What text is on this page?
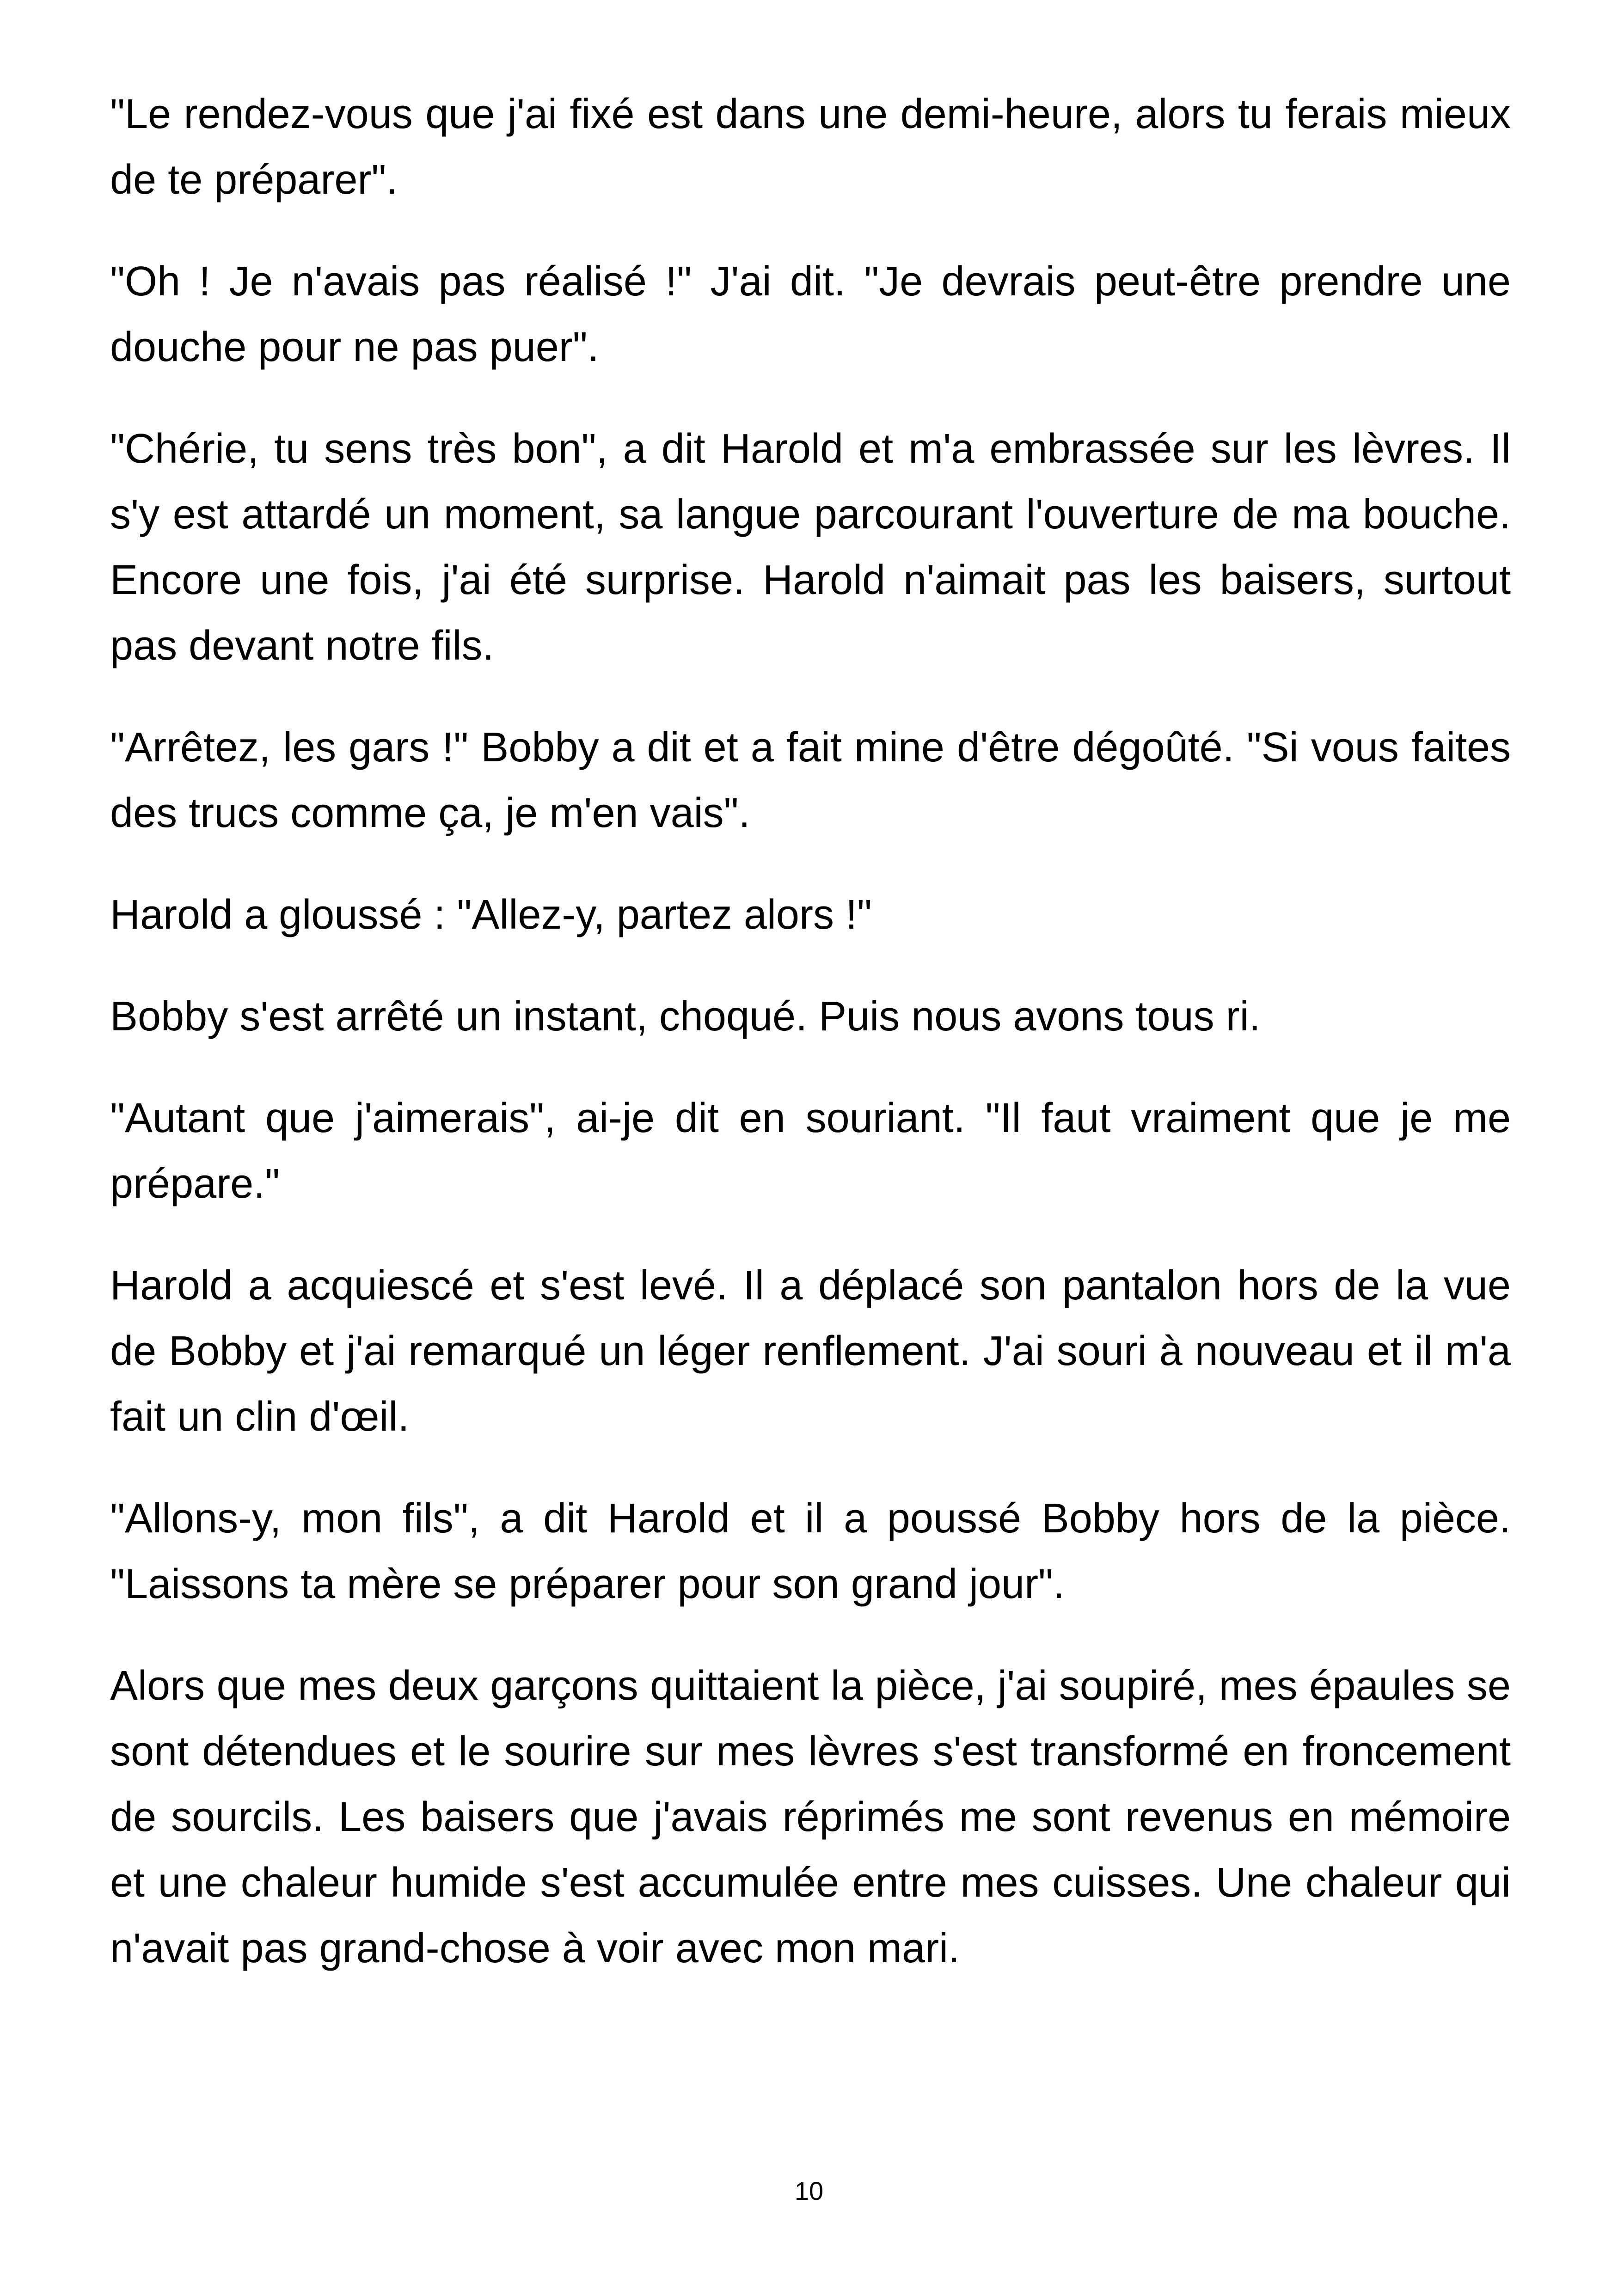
"Le rendez-vous que j'ai fixé est dans une demi-heure, alors tu ferais mieux de te préparer".

"Oh ! Je n'avais pas réalisé !" J'ai dit. "Je devrais peut-être prendre une douche pour ne pas puer".

"Chérie, tu sens très bon", a dit Harold et m'a embrassée sur les lèvres. Il s'y est attardé un moment, sa langue parcourant l'ouverture de ma bouche. Encore une fois, j'ai été surprise. Harold n'aimait pas les baisers, surtout pas devant notre fils.

"Arrêtez, les gars !" Bobby a dit et a fait mine d'être dégoûté. "Si vous faites des trucs comme ça, je m'en vais".

Harold a gloussé : "Allez-y, partez alors !"

Bobby s'est arrêté un instant, choqué. Puis nous avons tous ri.

"Autant que j'aimerais", ai-je dit en souriant. "Il faut vraiment que je me prépare."

Harold a acquiescé et s'est levé. Il a déplacé son pantalon hors de la vue de Bobby et j'ai remarqué un léger renflement. J'ai souri à nouveau et il m'a fait un clin d'œil.

"Allons-y, mon fils", a dit Harold et il a poussé Bobby hors de la pièce. "Laissons ta mère se préparer pour son grand jour".

Alors que mes deux garçons quittaient la pièce, j'ai soupiré, mes épaules se sont détendues et le sourire sur mes lèvres s'est transformé en froncement de sourcils. Les baisers que j'avais réprimés me sont revenus en mémoire et une chaleur humide s'est accumulée entre mes cuisses. Une chaleur qui n'avait pas grand-chose à voir avec mon mari.

10
